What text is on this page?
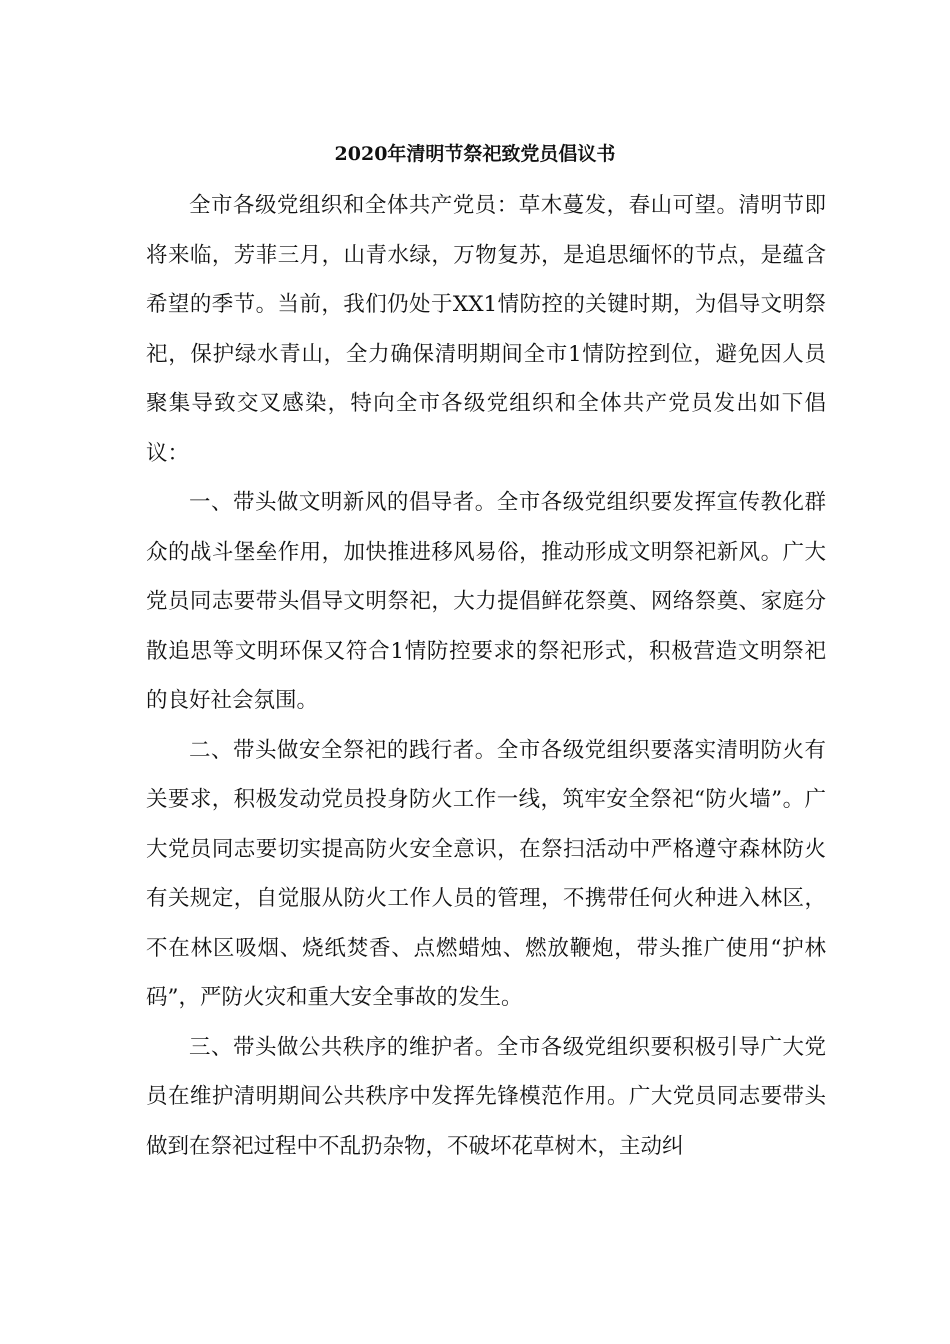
2020年清明节祭祀致党员倡议书

全市各级党组织和全体共产党员：草木蔓发，春山可望。清明节即将来临，芳菲三月，山青水绿，万物复苏，是追思缅怀的节点，是蕴含希望的季节。当前，我们仍处于XX1情防控的关键时期，为倡导文明祭祀，保护绿水青山，全力确保清明期间全市1情防控到位，避免因人员聚集导致交叉感染，特向全市各级党组织和全体共产党员发出如下倡议：

一、带头做文明新风的倡导者。全市各级党组织要发挥宣传教化群众的战斗堡垒作用，加快推进移风易俗，推动形成文明祭祀新风。广大党员同志要带头倡导文明祭祀，大力提倡鲜花祭奠、网络祭奠、家庭分散追思等文明环保又符合1情防控要求的祭祀形式，积极营造文明祭祀的良好社会氛围。

二、带头做安全祭祀的践行者。全市各级党组织要落实清明防火有关要求，积极发动党员投身防火工作一线，筑牢安全祭祀“防火墙”。广大党员同志要切实提高防火安全意识，在祭扫活动中严格遵守森林防火有关规定，自觉服从防火工作人员的管理，不携带任何火种进入林区，不在林区吸烟、烧纸焚香、点燃蜡烛、燃放鞭炮，带头推广使用“护林码”，严防火灾和重大安全事故的发生。

三、带头做公共秩序的维护者。全市各级党组织要积极引导广大党员在维护清明期间公共秩序中发挥先锋模范作用。广大党员同志要带头做到在祭祀过程中不乱扔杂物，不破坏花草树木，主动纠
